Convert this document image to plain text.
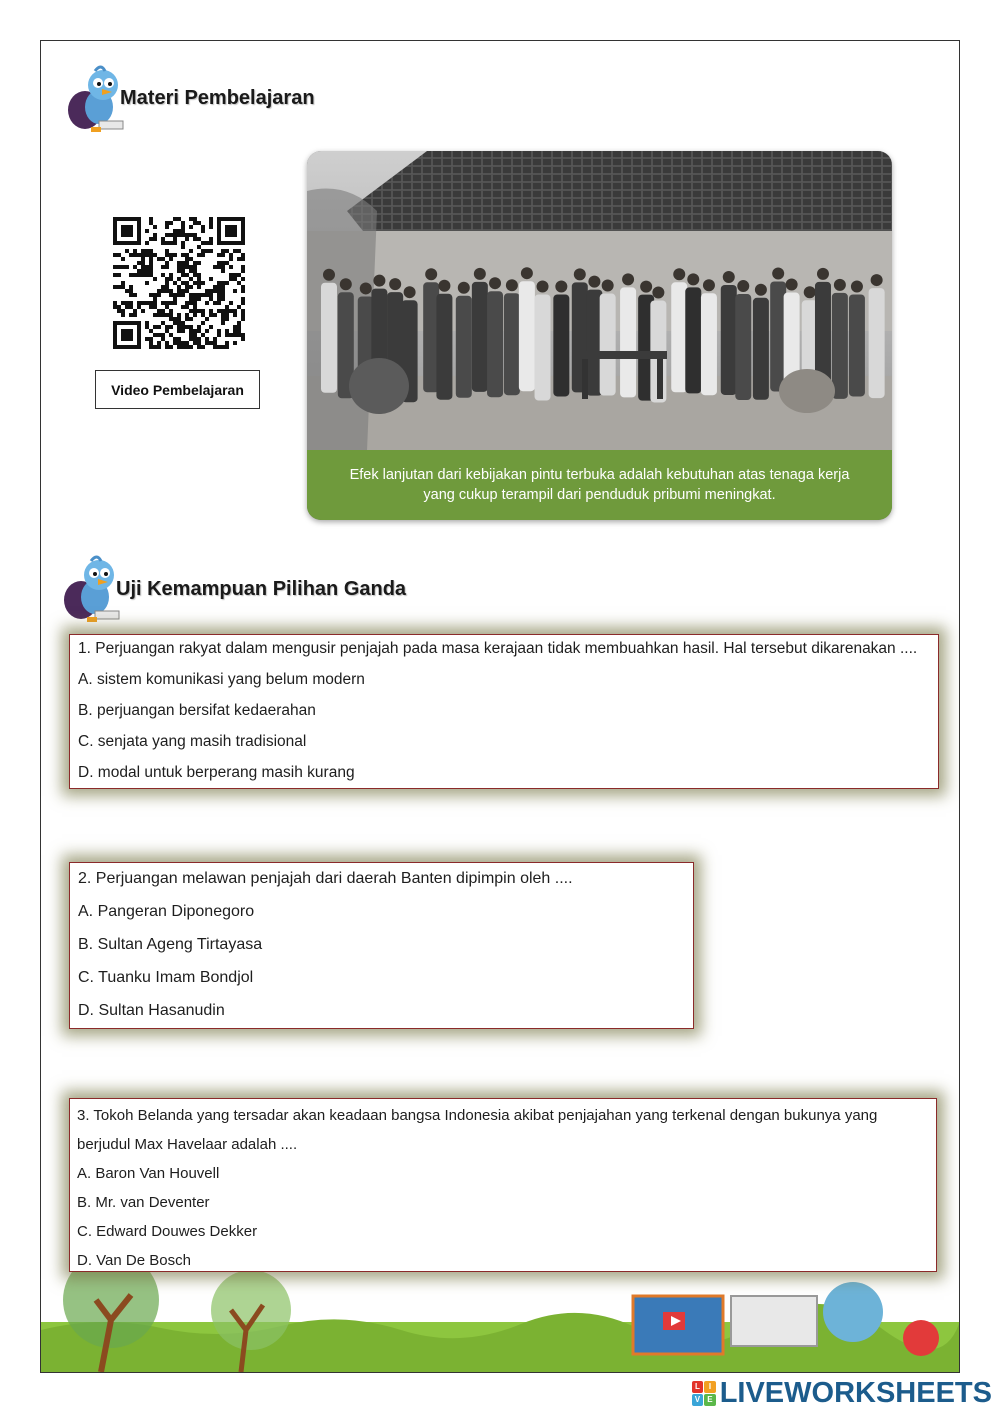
Materi Pembelajaran
Video Pembelajaran
Efek lanjutan dari kebijakan pintu terbuka adalah kebutuhan atas tenaga kerja yang cukup terampil dari penduduk pribumi meningkat.
Uji Kemampuan Pilihan Ganda

1. Perjuangan rakyat dalam mengusir penjajah pada masa kerajaan tidak membuahkan hasil. Hal tersebut dikarenakan ....

A. sistem komunikasi yang belum modern

B. perjuangan bersifat kedaerahan

C. senjata yang masih tradisional

D. modal untuk berperang masih kurang

2. Perjuangan melawan penjajah dari daerah Banten dipimpin oleh ....

A. Pangeran Diponegoro

B. Sultan Ageng Tirtayasa

C. Tuanku Imam Bondjol

D. Sultan Hasanudin

3. Tokoh Belanda yang tersadar akan keadaan bangsa Indonesia akibat penjajahan yang terkenal dengan bukunya yang

berjudul Max Havelaar adalah ....

A. Baron Van Houvell

B. Mr. van Deventer

C. Edward Douwes Dekker

D. Van De Bosch

L	I
V E LIVEWORKSHEETS
